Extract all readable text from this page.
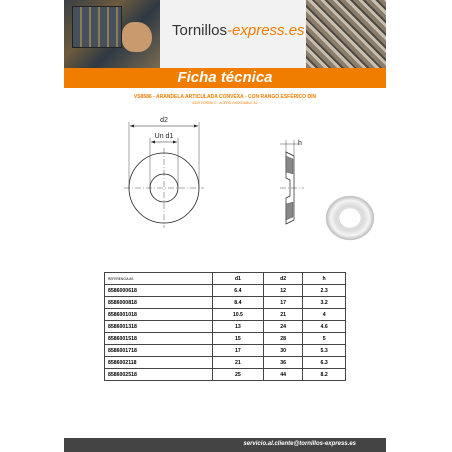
Tornillos-express.es
Ficha técnica
VS8586 - ARANDELA ARTICULADA CONVEXA - CON RANGO ESFÉRICO DIN
6319 FORMA C - ACERO INOXIDABLE A2
d2
Un d1
h
REFERENCIA AS	d1	d2	h
8586000618	6.4	12	2.3
8586000818	8.4	17	3.2
8586001018	10.5	21	4
8586001318	13	24	4.6
8586001518	15	28	5
8586001718	17	30	5.3
8586002118	21	36	6.3
8586002518	25	44	8.2
servicio.al.cliente@tornillos-express.es
